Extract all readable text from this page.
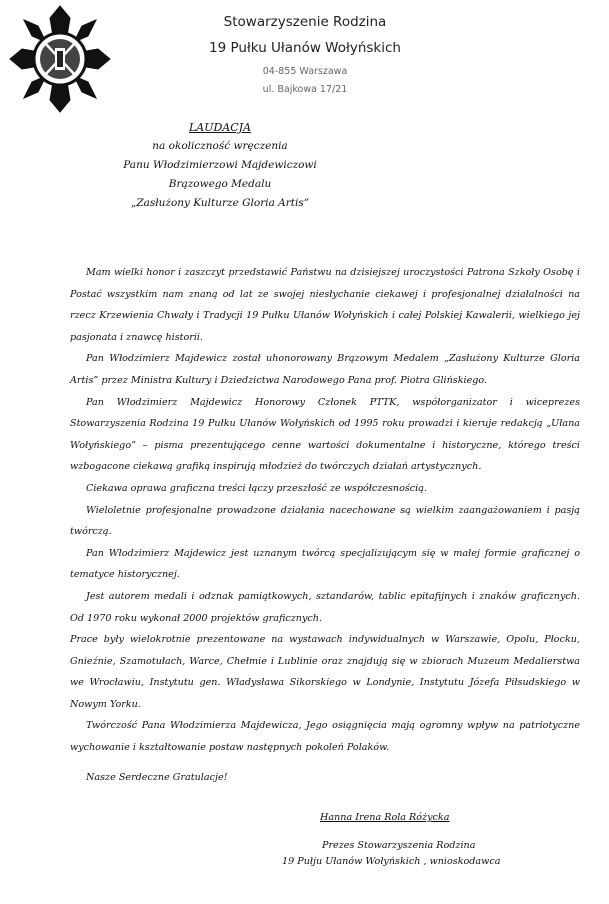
Stowarzyszenie Rodzina
19 Pułku Ułanów Wołyńskich
04-855 Warszawa
ul. Bajkowa 17/21
LAUDACJA
na okoliczność wręczenia
Panu Włodzimierzowi Majdewiczowi
Brązowego Medalu
„Zasłużony Kulturze Gloria Artis”

Mam wielki honor i zaszczyt przedstawić Państwu na dzisiejszej uroczystości Patrona Szkoły Osobę i Postać wszystkim nam znaną od lat ze swojej niesłychanie ciekawej i profesjonalnej działalności na rzecz Krzewienia Chwały i Tradycji 19 Pułku Ułanów Wołyńskich i całej Polskiej Kawalerii, wielkiego jej pasjonata i znawcę historii.

Pan Włodzimierz Majdewicz został uhonorowany Brązowym Medalem „Zasłużony Kulturze Gloria Artis” przez Ministra Kultury i Dziedzictwa Narodowego Pana prof. Piotra Glińskiego.

Pan Włodzimierz Majdewicz Honorowy Członek PTTK, współorganizator i wiceprezes Stowarzyszenia Rodzina 19 Pułku Ułanów Wołyńskich od 1995 roku prowadzi i kieruje redakcją „Ułana Wołyńskiego” – pisma prezentującego cenne wartości dokumentalne i historyczne, którego treści wzbogacone ciekawą grafiką inspirują młodzież do twórczych działań artystycznych.

Ciekawa oprawa graficzna treści łączy przeszłość ze współczesnością.

Wieloletnie profesjonalne prowadzone działania nacechowane są wielkim zaangażowaniem i pasją twórczą.

Pan Włodzimierz Majdewicz jest uznanym twórcą specjalizującym się w małej formie graficznej o tematyce historycznej.

Jest autorem medali i odznak pamiątkowych, sztandarów, tablic epitafijnych i znaków graficznych. Od 1970 roku wykonał 2000 projektów graficznych.

Prace były wielokrotnie prezentowane na wystawach indywidualnych w Warszawie, Opolu, Płocku, Gnieźnie, Szamotułach, Warce, Chełmie i Lublinie oraz znajdują się w zbiorach Muzeum Medalierstwa we Wrocławiu, Instytutu gen. Władysława Sikorskiego w Londynie, Instytutu Józefa Piłsudskiego w Nowym Yorku.

Twórczość Pana Włodzimierza Majdewicza, Jego osiągnięcia mają ogromny wpływ na patriotyczne wychowanie i kształtowanie postaw następnych pokoleń Polaków.

Nasze Serdeczne Gratulacje!

Hanna Irena Rola Różycka
Prezes Stowarzyszenia Rodzina
19 Pułju Ułanów Wołyńskich , wnioskodawca
